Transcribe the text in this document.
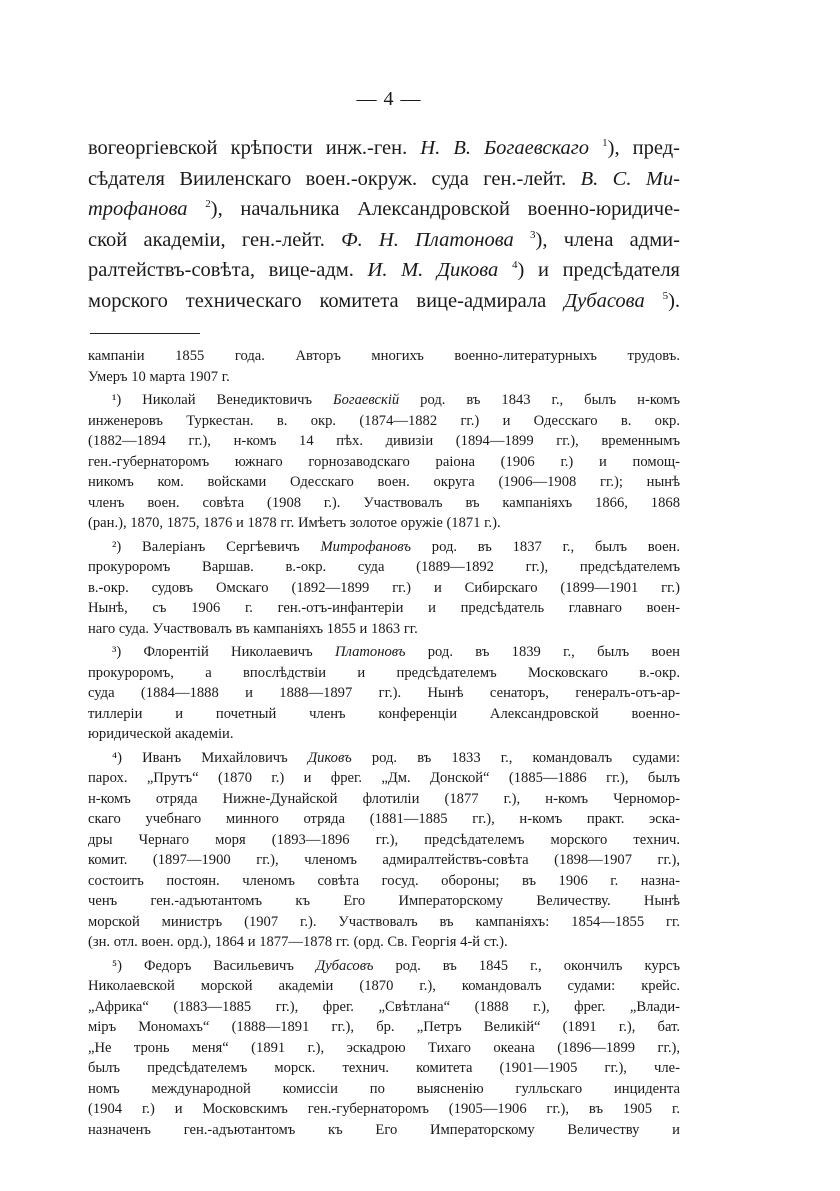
— 4 —
вогеоргіевской крѣпости инж.-ген. Н. В. Богаевскаго $^1$), пред-
сѣдателя Вииленскаго воен.-окруж. суда ген.-лейт. В. С. Ми-
трофанова $^2$), начальника Александровской военно-юридиче-
ской академіи, ген.-лейт. Ф. Н. Платонова $^3$), члена адми-
ралтействъ-совѣта, вице-адм. И. М. Дикова $^4$) и предсѣдателя
морского техническаго комитета вице-адмирала Дубасова $^5$).
кампаніи 1855 года. Авторъ многихъ военно-литературныхъ трудовъ.
Умеръ 10 марта 1907 г.
¹) Николай Венедиктовичъ Богаевскій род. въ 1843 г., былъ н-комъ
инженеровъ Туркестан. в. окр. (1874—1882 гг.) и Одесскаго в. окр.
(1882—1894 гг.), н-комъ 14 пѣх. дивизіи (1894—1899 гг.), временнымъ
ген.-губернаторомъ южнаго горнозаводскаго раіона (1906 г.) и помощ-
никомъ ком. войсками Одесскаго воен. округа (1906—1908 гг.); нынѣ
членъ воен. совѣта (1908 г.). Участвовалъ въ кампаніяхъ 1866, 1868
(ран.), 1870, 1875, 1876 и 1878 гг. Имѣетъ золотое оружіе (1871 г.).
²) Валеріанъ Сергѣевичъ Митрофановъ род. въ 1837 г., былъ воен.
прокуроромъ Варшав. в.-окр. суда (1889—1892 гг.), предсѣдателемъ
в.-окр. судовъ Омскаго (1892—1899 гг.) и Сибирскаго (1899—1901 гг.)
Нынѣ, съ 1906 г. ген.-отъ-инфантеріи и предсѣдатель главнаго воен-
наго суда. Участвовалъ въ кампаніяхъ 1855 и 1863 гг.
³) Флорентій Николаевичъ Платоновъ род. въ 1839 г., былъ воен
прокуроромъ, а впослѣдствіи и предсѣдателемъ Московскаго в.-окр.
суда (1884—1888 и 1888—1897 гг.). Нынѣ сенаторъ, генералъ-отъ-ар-
тиллеріи и почетный членъ конференціи Александровской военно-
юридической академіи.
⁴) Иванъ Михайловичъ Диковъ род. въ 1833 г., командовалъ судами:
парох. „Прутъ“ (1870 г.) и фрег. „Дм. Донской“ (1885—1886 гг.), былъ
н-комъ отряда Нижне-Дунайской флотиліи (1877 г.), н-комъ Черномор-
скаго учебнаго минного отряда (1881—1885 гг.), н-комъ практ. эска-
дры Чернаго моря (1893—1896 гг.), предсѣдателемъ морского технич.
комит. (1897—1900 гг.), членомъ адмиралтействъ-совѣта (1898—1907 гг.),
состоитъ постоян. членомъ совѣта госуд. обороны; въ 1906 г. назна-
ченъ ген.-адъютантомъ къ Его Императорскому Величеству. Нынѣ
морской министръ (1907 г.). Участвовалъ въ кампаніяхъ: 1854—1855 гг.
(зн. отл. воен. орд.), 1864 и 1877—1878 гг. (орд. Св. Георгія 4-й ст.).
⁵) Федоръ Васильевичъ Дубасовъ род. въ 1845 г., окончилъ курсъ
Николаевской морской академіи (1870 г.), командовалъ судами: крейс.
„Африка“ (1883—1885 гг.), фрег. „Свѣтлана“ (1888 г.), фрег. „Влади-
міръ Мономахъ“ (1888—1891 гг.), бр. „Петръ Великій“ (1891 г.), бат.
„Не тронь меня“ (1891 г.), эскадрою Тихаго океана (1896—1899 гг.),
былъ предсѣдателемъ морск. технич. комитета (1901—1905 гг.), чле-
номъ международной комиссіи по выясненію гулльскаго инцидента
(1904 г.) и Московскимъ ген.-губернаторомъ (1905—1906 гг.), въ 1905 г.
назначенъ ген.-адъютантомъ къ Его Императорскому Величеству и
